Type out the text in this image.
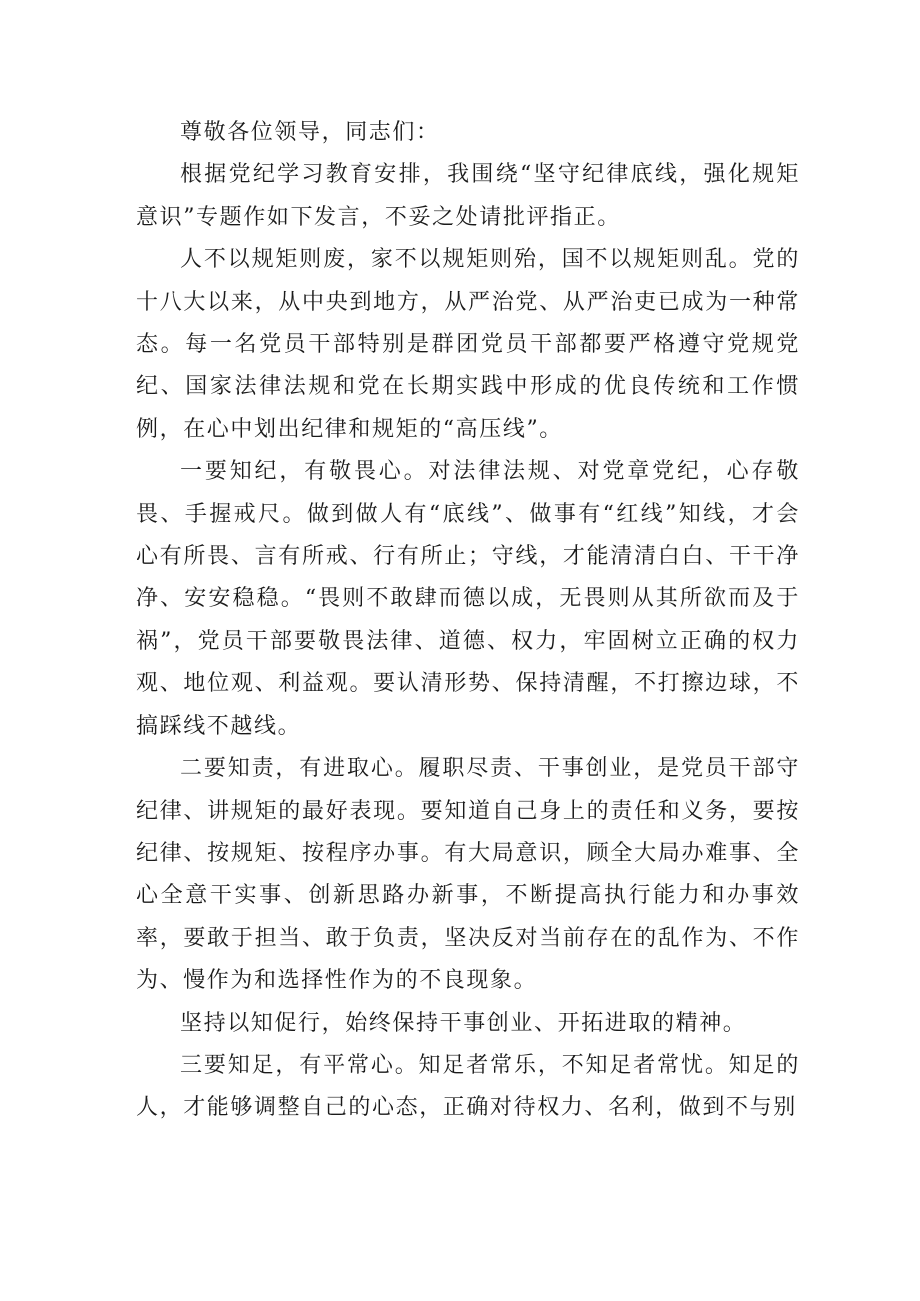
尊敬各位领导，同志们：

根据党纪学习教育安排，我围绕“坚守纪律底线，强化规矩意识”专题作如下发言，不妥之处请批评指正。

人不以规矩则废，家不以规矩则殆，国不以规矩则乱。党的十八大以来，从中央到地方，从严治党、从严治吏已成为一种常态。每一名党员干部特别是群团党员干部都要严格遵守党规党纪、国家法律法规和党在长期实践中形成的优良传统和工作惯例，在心中划出纪律和规矩的“高压线”。

一要知纪，有敬畏心。对法律法规、对党章党纪，心存敬畏、手握戒尺。做到做人有“底线”、做事有“红线”知线，才会心有所畏、言有所戒、行有所止；守线，才能清清白白、干干净净、安安稳稳。“畏则不敢肆而德以成，无畏则从其所欲而及于祸”，党员干部要敬畏法律、道德、权力，牢固树立正确的权力观、地位观、利益观。要认清形势、保持清醒，不打擦边球，不搞踩线不越线。

二要知责，有进取心。履职尽责、干事创业，是党员干部守纪律、讲规矩的最好表现。要知道自己身上的责任和义务，要按纪律、按规矩、按程序办事。有大局意识，顾全大局办难事、全心全意干实事、创新思路办新事，不断提高执行能力和办事效率，要敢于担当、敢于负责，坚决反对当前存在的乱作为、不作为、慢作为和选择性作为的不良现象。

坚持以知促行，始终保持干事创业、开拓进取的精神。

三要知足，有平常心。知足者常乐，不知足者常忧。知足的人，才能够调整自己的心态，正确对待权力、名利，做到不与别
